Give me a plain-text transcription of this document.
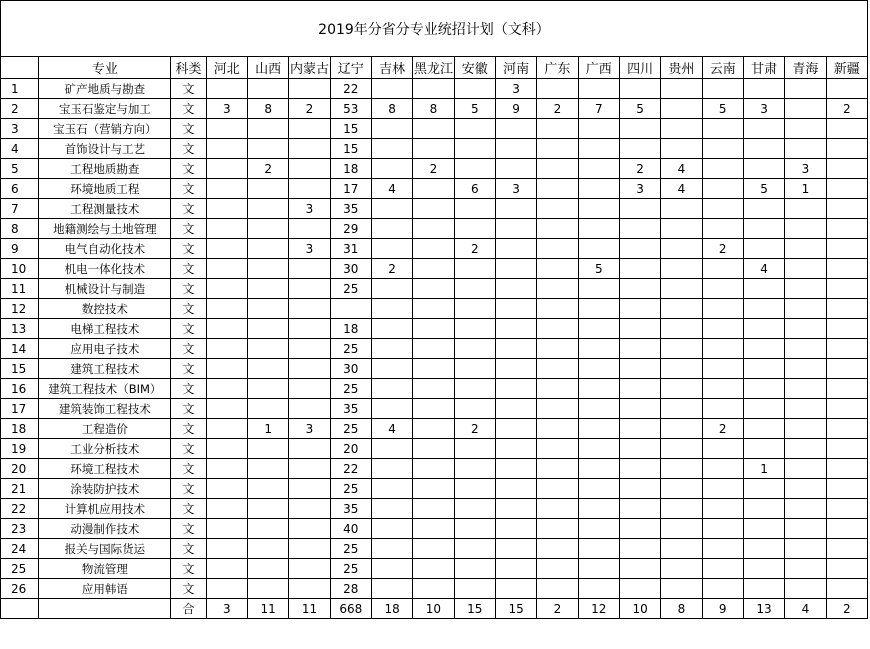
2019年分省分专业统招计划（文科）
	专业	科类	河北	山西	内蒙古	辽宁	吉林	黑龙江	安徽	河南	广东	广西	四川	贵州	云南	甘肃	青海	新疆
1	矿产地质与勘查	文				22				3								
2	宝玉石鉴定与加工	文	3	8	2	53	8	8	5	9	2	7	5		5	3		2
3	宝玉石（营销方向）	文				15												
4	首饰设计与工艺	文				15												
5	工程地质勘查	文		2		18		2					2	4			3	
6	环境地质工程	文				17	4		6	3			3	4		5	1	
7	工程测量技术	文			3	35												
8	地籍测绘与土地管理	文				29												
9	电气自动化技术	文			3	31			2						2			
10	机电一体化技术	文				30	2					5				4		
11	机械设计与制造	文				25												
12	数控技术	文																
13	电梯工程技术	文				18												
14	应用电子技术	文				25												
15	建筑工程技术	文				30												
16	建筑工程技术（BIM）	文				25												
17	建筑装饰工程技术	文				35												
18	工程造价	文		1	3	25	4		2						2			
19	工业分析技术	文				20												
20	环境工程技术	文				22										1		
21	涂装防护技术	文				25												
22	计算机应用技术	文				35												
23	动漫制作技术	文				40												
24	报关与国际货运	文				25												
25	物流管理	文				25												
26	应用韩语	文				28												
		合	3	11	11	668	18	10	15	15	2	12	10	8	9	13	4	2
